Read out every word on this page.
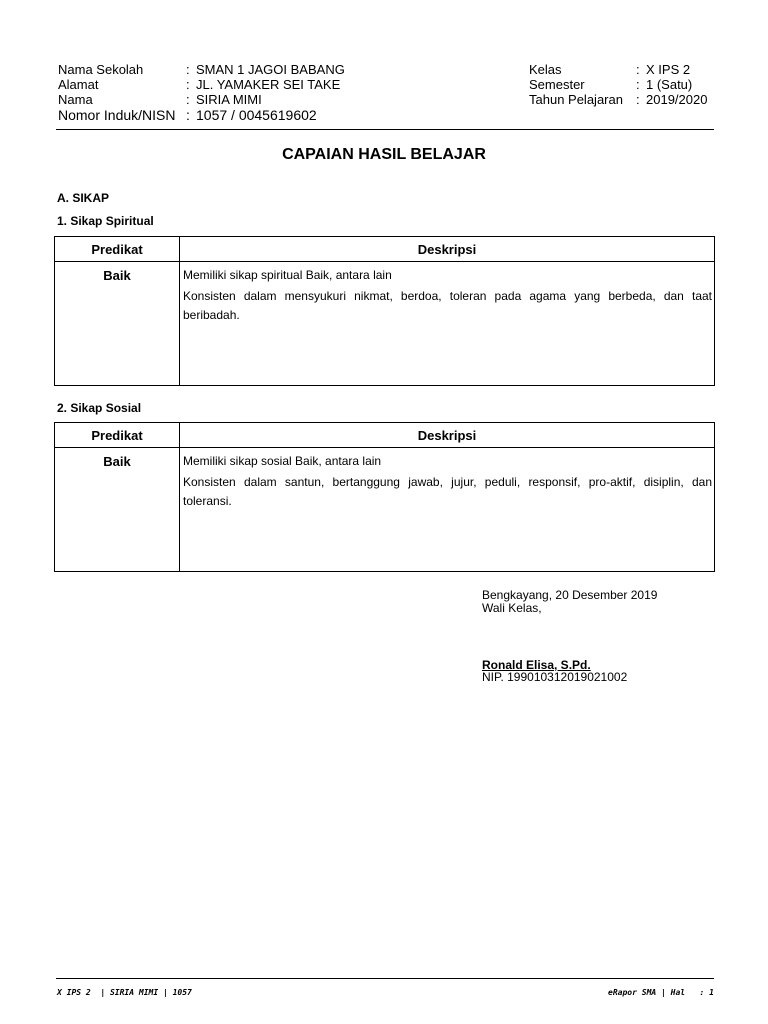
Nama Sekolah	: SMAN 1 JAGOI BABANG
Alamat	: JL. YAMAKER SEI TAKE
Nama	: SIRIA MIMI
Nomor Induk/NISN : 1057 / 0045619602
Kelas	: X IPS 2
Semester	: 1 (Satu)
Tahun Pelajaran : 2019/2020
CAPAIAN HASIL BELAJAR
A. SIKAP
1. Sikap Spiritual
Predikat	Deskripsi
Baik	Memiliki sikap spiritual Baik, antara lain
Konsisten dalam mensyukuri nikmat, berdoa, toleran pada agama yang berbeda, dan taat beribadah.
2. Sikap Sosial
Predikat	Deskripsi
Baik	Memiliki sikap sosial Baik, antara lain
Konsisten dalam santun, bertanggung jawab, jujur, peduli, responsif, pro-aktif, disiplin, dan toleransi.
Bengkayang, 20 Desember 2019
Wali Kelas,
Ronald Elisa, S.Pd.
NIP. 199010312019021002
X IPS 2  | SIRIA MIMI | 1057	eRapor SMA | Hal   : 1
